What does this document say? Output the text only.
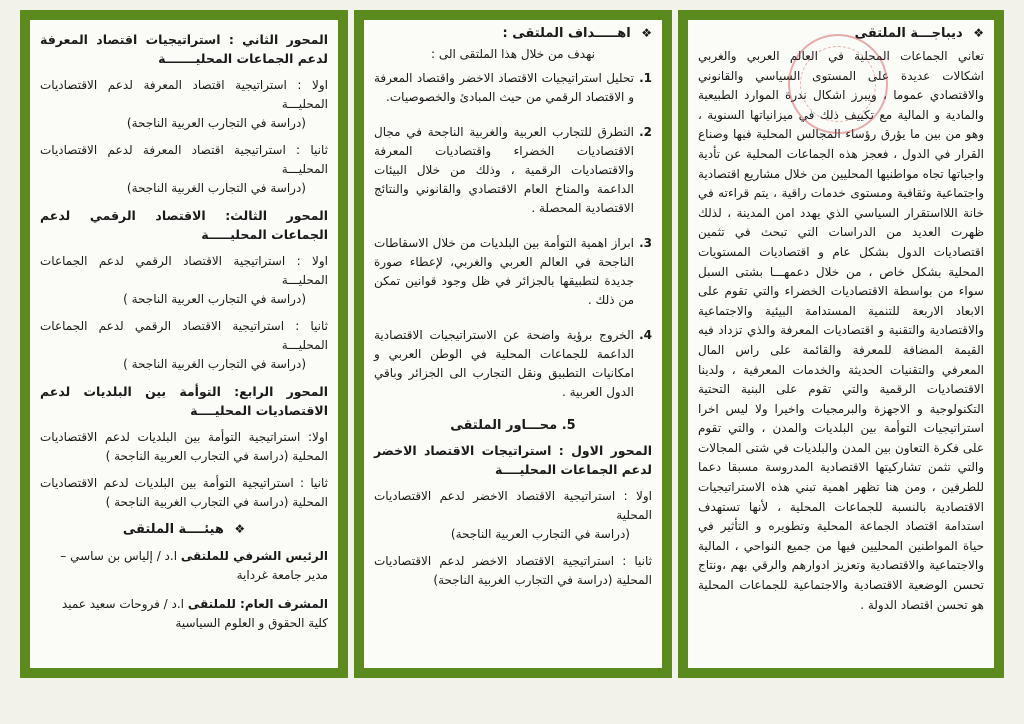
المحور الثاني : استراتيجيات اقتصاد المعرفة لدعم الجماعات المحليـــــــة
اولا : استراتيجية اقتصاد المعرفة لدعم الاقتصاديات المحليـــة
(دراسة في التجارب العربية الناجحة)
ثانيا : استراتيجية اقتصاد المعرفة لدعم الاقتصاديات المحليـــة
(دراسة في التجارب الغربية الناجحة)
المحور الثالث: الاقتصاد الرقمي لدعم الجماعات المحليـــــة
اولا : استراتيجية الاقتصاد الرقمي لدعم الجماعات المحليـــة
(دراسة في التجارب العربية الناجحة )
ثانيا : استراتيجية الاقتصاد الرقمي لدعم الجماعات المحليـــة
(دراسة في التجارب الغربية الناجحة )
المحور الرابع: التوأمة بين البلديات لدعم الاقتصاديات المحليــــة
اولا: استراتيجية التوأمة بين البلديات لدعم الاقتصاديات المحلية (دراسة في التجارب العربية الناجحة )
ثانيا : استراتيجية التوأمة بين البلديات لدعم الاقتصاديات المحلية (دراسة في التجارب الغربية الناجحة )
❖ هيئــــة الملتقى
الرئيس الشرفي للملتقى ا.د / إلياس بن ساسي – مدير جامعة غرداية
المشرف العام: للملتقى ا.د / فروحات سعيد عميد كلية الحقوق و العلوم السياسية
❖ اهـــــداف الملتقى :
نهدف من خلال هذا الملتقى الى :
1.
تحليل استراتيجيات الاقتصاد الاخضر واقتصاد المعرفة و الاقتصاد الرقمي من حيث المبادئ والخصوصيات.
2.
التطرق للتجارب العربية والغربية الناجحة في مجال الاقتصاديات الخضراء واقتصاديات المعرفة والاقتصاديات الرقمية ، وذلك من خلال البيئات الداعمة والمناخ العام الاقتصادي والقانوني والنتائج الاقتصادية المحصلة .
3.
ابراز اهمية التوأمة بين البلديات من خلال الاسقاطات الناجحة في العالم العربي والغربي، لإعطاء صورة جديدة لتطبيقها بالجزائر في ظل وجود قوانين تمكن من ذلك .
4.
الخروج برؤية واضحة عن الاستراتيجيات الاقتصادية الداعمة للجماعات المحلية في الوطن العربي و امكانيات التطبيق ونقل التجارب الى الجزائر وباقي الدول العربية .
5. محـــاور الملتقى
المحور الاول : استراتيجات الاقتصاد الاخضر لدعم الجماعات المحليــــة
اولا : استراتيجية الاقتصاد الاخضر لدعم الاقتصاديات المحلية
(دراسة في التجارب العربية الناجحة)
ثانيا : استراتيجية الاقتصاد الاخضر لدعم الاقتصاديات المحلية (دراسة في التجارب الغربية الناجحة)
❖ ديباجـــة الملتقى

تعاني الجماعات المحلية في العالم العربي والغربي اشكالات عديدة على المستوى السياسي والقانوني والاقتصادي عموما ، ويبرز اشكال ندرة الموارد الطبيعية والمادية و المالية مع تكييف ذلك في ميزانياتها السنوية ، وهو من بين ما يؤرق رؤساء المجالس المحلية فيها وصناع القرار في الدول ، فعجز هذه الجماعات المحلية عن تأدية واجباتها تجاه مواطنيها المحليين من خلال مشاريع اقتصادية واجتماعية وثقافية ومستوى خدمات راقية ، يتم قراءته في خانة اللااستقرار السياسي الذي يهدد امن المدينة ، لذلك ظهرت العديد من الدراسات التي تبحث في تثمين اقتصاديات الدول بشكل عام و اقتصاديات المستويات المحلية بشكل خاص ، من خلال دعمهـــا بشتى السبل سواء من بواسطة الاقتصاديات الخضراء والتي تقوم على الابعاد الاربعة للتنمية المستدامة البيئية والاجتماعية والاقتصادية والتقنية و اقتصاديات المعرفة والذي تزداد فيه القيمة المضافة للمعرفة والقائمة على راس المال المعرفي والتقنيات الحديثة والخدمات المعرفية ، ولدينا الاقتصاديات الرقمية والتي تقوم على البنية التحتية التكنولوجية و الاجهزة والبرمجيات واخيرا ولا ليس اخرا استراتيجيات التوأمة بين البلديات والمدن ، والتي تقوم على فكرة التعاون بين المدن والبلديات في شتى المجالات والتي تثمن تشاركيتها الاقتصادية المدروسة مسبقا دعما للطرفين ، ومن هنا تظهر اهمية تبني هذه الاستراتيجيات الاقتصادية بالنسبة للجماعات المحلية ، لأنها تستهدف استدامة اقتصاد الجماعة المحلية وتطويره و التأثير في حياة المواطنين المحليين فيها من جميع النواحي ، المالية والاجتماعية والاقتصادية وتعزيز ادوارهم والرقي بهم ،ونتاج تحسن الوضعية الاقتصادية والاجتماعية للجماعات المحلية هو تحسن اقتصاد الدولة .
